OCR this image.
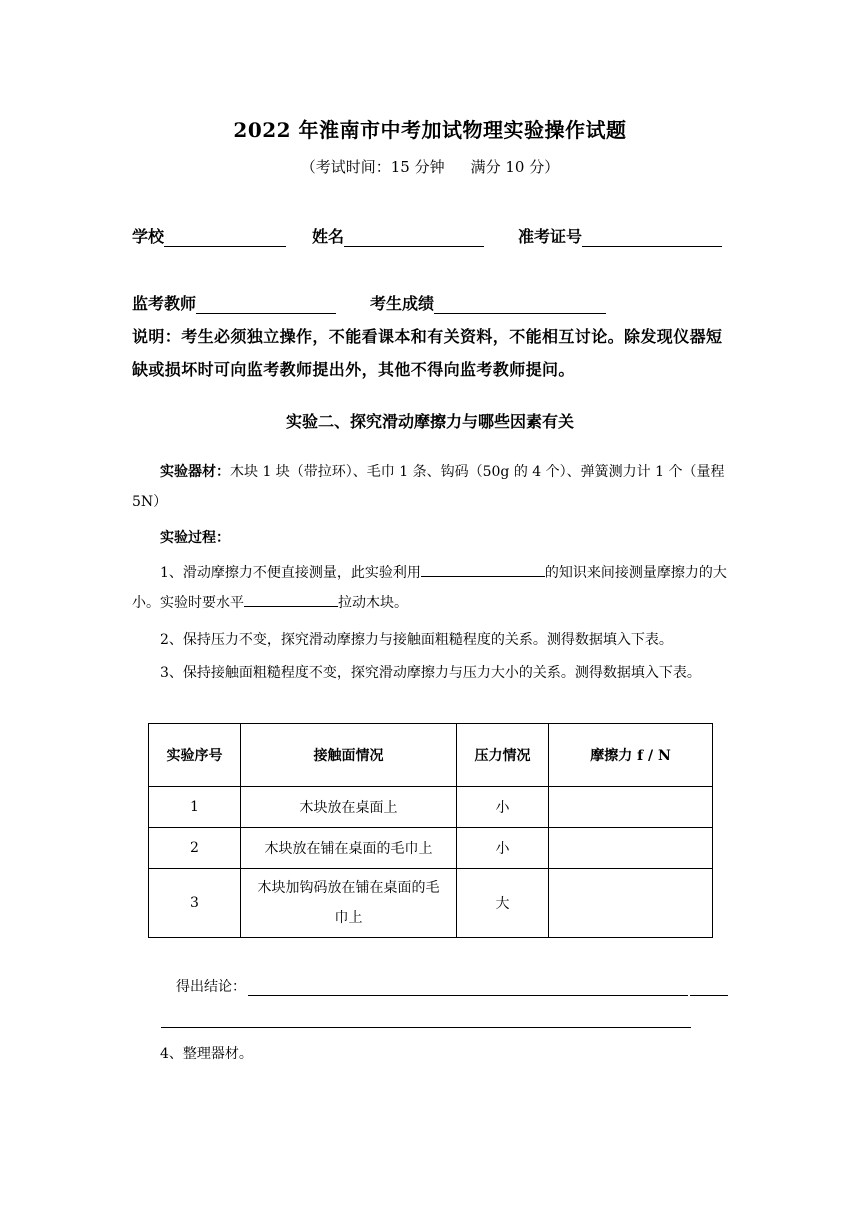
2022 年淮南市中考加试物理实验操作试题
（考试时间：15 分钟 满分 10 分）
学校	姓名	准考证号
监考教师	考生成绩
说明：考生必须独立操作，不能看课本和有关资料，不能相互讨论。除发现仪器短缺或损坏时可向监考教师提出外，其他不得向监考教师提问。
实验二、探究滑动摩擦力与哪些因素有关
实验器材：木块 1 块（带拉环）、毛巾 1 条、钩码（50g 的 4 个）、弹簧测力计 1 个（量程 5N）
实验过程：
1、滑动摩擦力不便直接测量，此实验利用	的知识来间接测量摩擦力的大小。实验时要水平	拉动木块。
2、保持压力不变，探究滑动摩擦力与接触面粗糙程度的关系。测得数据填入下表。
3、保持接触面粗糙程度不变，探究滑动摩擦力与压力大小的关系。测得数据填入下表。
实验序号	接触面情况	压力情况	摩擦力 f / N
1	木块放在桌面上	小	
2	木块放在铺在桌面的毛巾上	小	
3	木块加钩码放在铺在桌面的毛
巾上	大	
得出结论：
4、整理器材。
